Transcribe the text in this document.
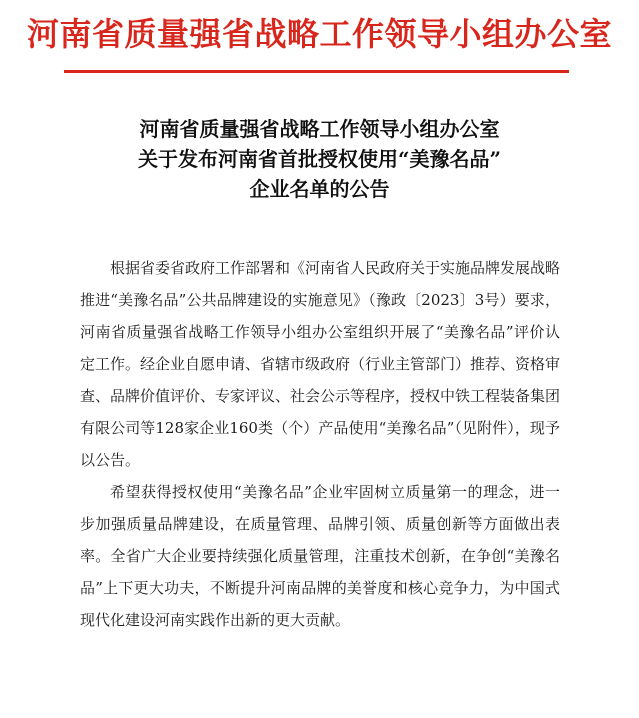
河南省质量强省战略工作领导小组办公室
河南省质量强省战略工作领导小组办公室
关于发布河南省首批授权使用“美豫名品”
企业名单的公告

根据省委省政府工作部署和《河南省人民政府关于实施品牌发展战略推进“美豫名品”公共品牌建设的实施意见》（豫政〔2023〕3号）要求，河南省质量强省战略工作领导小组办公室组织开展了“美豫名品”评价认定工作。经企业自愿申请、省辖市级政府（行业主管部门）推荐、资格审查、品牌价值评价、专家评议、社会公示等程序，授权中铁工程装备集团有限公司等128家企业160类（个）产品使用“美豫名品”（见附件），现予以公告。

希望获得授权使用“美豫名品”企业牢固树立质量第一的理念，进一步加强质量品牌建设，在质量管理、品牌引领、质量创新等方面做出表率。全省广大企业要持续强化质量管理，注重技术创新，在争创“美豫名品”上下更大功夫，不断提升河南品牌的美誉度和核心竞争力，为中国式现代化建设河南实践作出新的更大贡献。
